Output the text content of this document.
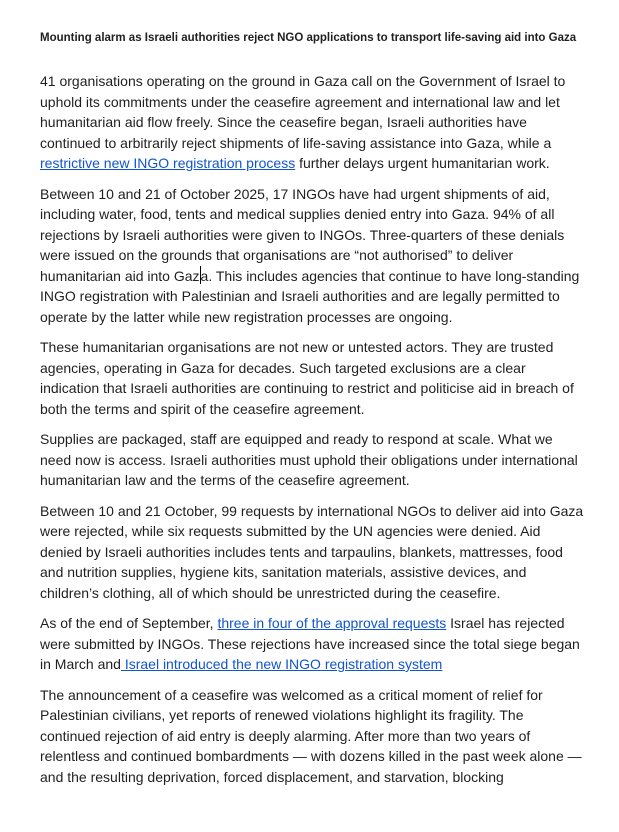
Mounting alarm as Israeli authorities reject NGO applications to transport life-saving aid into Gaza

41 organisations operating on the ground in Gaza call on the Government of Israel to uphold its commitments under the ceasefire agreement and international law and let humanitarian aid flow freely. Since the ceasefire began, Israeli authorities have continued to arbitrarily reject shipments of life-saving assistance into Gaza, while a restrictive new INGO registration process further delays urgent humanitarian work.

Between 10 and 21 of October 2025, 17 INGOs have had urgent shipments of aid, including water, food, tents and medical supplies denied entry into Gaza. 94% of all rejections by Israeli authorities were given to INGOs. Three-quarters of these denials were issued on the grounds that organisations are “not authorised” to deliver humanitarian aid into Gaza. This includes agencies that continue to have long-standing INGO registration with Palestinian and Israeli authorities and are legally permitted to operate by the latter while new registration processes are ongoing.

These humanitarian organisations are not new or untested actors. They are trusted agencies, operating in Gaza for decades. Such targeted exclusions are a clear indication that Israeli authorities are continuing to restrict and politicise aid in breach of both the terms and spirit of the ceasefire agreement.

Supplies are packaged, staff are equipped and ready to respond at scale. What we need now is access. Israeli authorities must uphold their obligations under international humanitarian law and the terms of the ceasefire agreement.

Between 10 and 21 October, 99 requests by international NGOs to deliver aid into Gaza were rejected, while six requests submitted by the UN agencies were denied. Aid denied by Israeli authorities includes tents and tarpaulins, blankets, mattresses, food and nutrition supplies, hygiene kits, sanitation materials, assistive devices, and children’s clothing, all of which should be unrestricted during the ceasefire.

As of the end of September, three in four of the approval requests Israel has rejected were submitted by INGOs. These rejections have increased since the total siege began in March and Israel introduced the new INGO registration system

The announcement of a ceasefire was welcomed as a critical moment of relief for Palestinian civilians, yet reports of renewed violations highlight its fragility. The continued rejection of aid entry is deeply alarming. After more than two years of relentless and continued bombardments — with dozens killed in the past week alone — and the resulting deprivation, forced displacement, and starvation, blocking
